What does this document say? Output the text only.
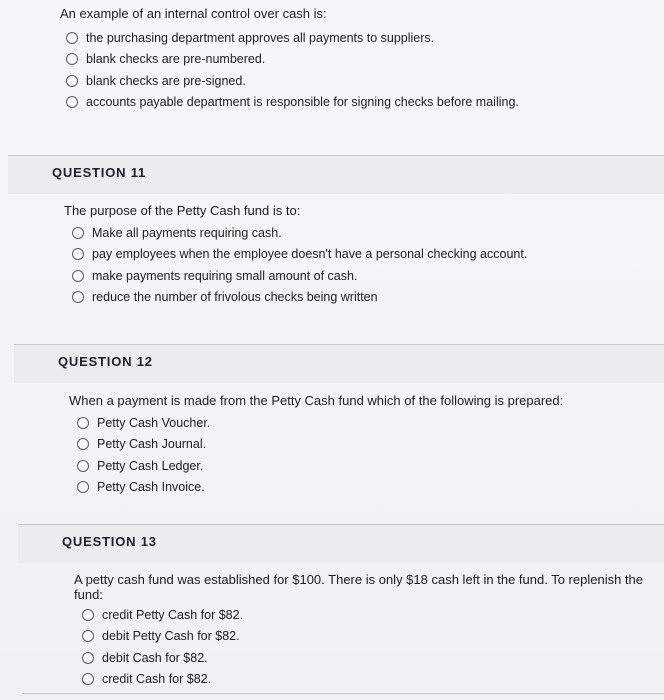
An example of an internal control over cash is:

the purchasing department approves all payments to suppliers.
blank checks are pre-numbered.
blank checks are pre-signed.
accounts payable department is responsible for signing checks before mailing.
QUESTION 11

The purpose of the Petty Cash fund is to:

Make all payments requiring cash.
pay employees when the employee doesn't have a personal checking account.
make payments requiring small amount of cash.
reduce the number of frivolous checks being written
QUESTION 12

When a payment is made from the Petty Cash fund which of the following is prepared:

Petty Cash Voucher.
Petty Cash Journal.
Petty Cash Ledger.
Petty Cash Invoice.
QUESTION 13

A petty cash fund was established for $100. There is only $18 cash left in the fund. To replenish the fund:

credit Petty Cash for $82.
debit Petty Cash for $82.
debit Cash for $82.
credit Cash for $82.
